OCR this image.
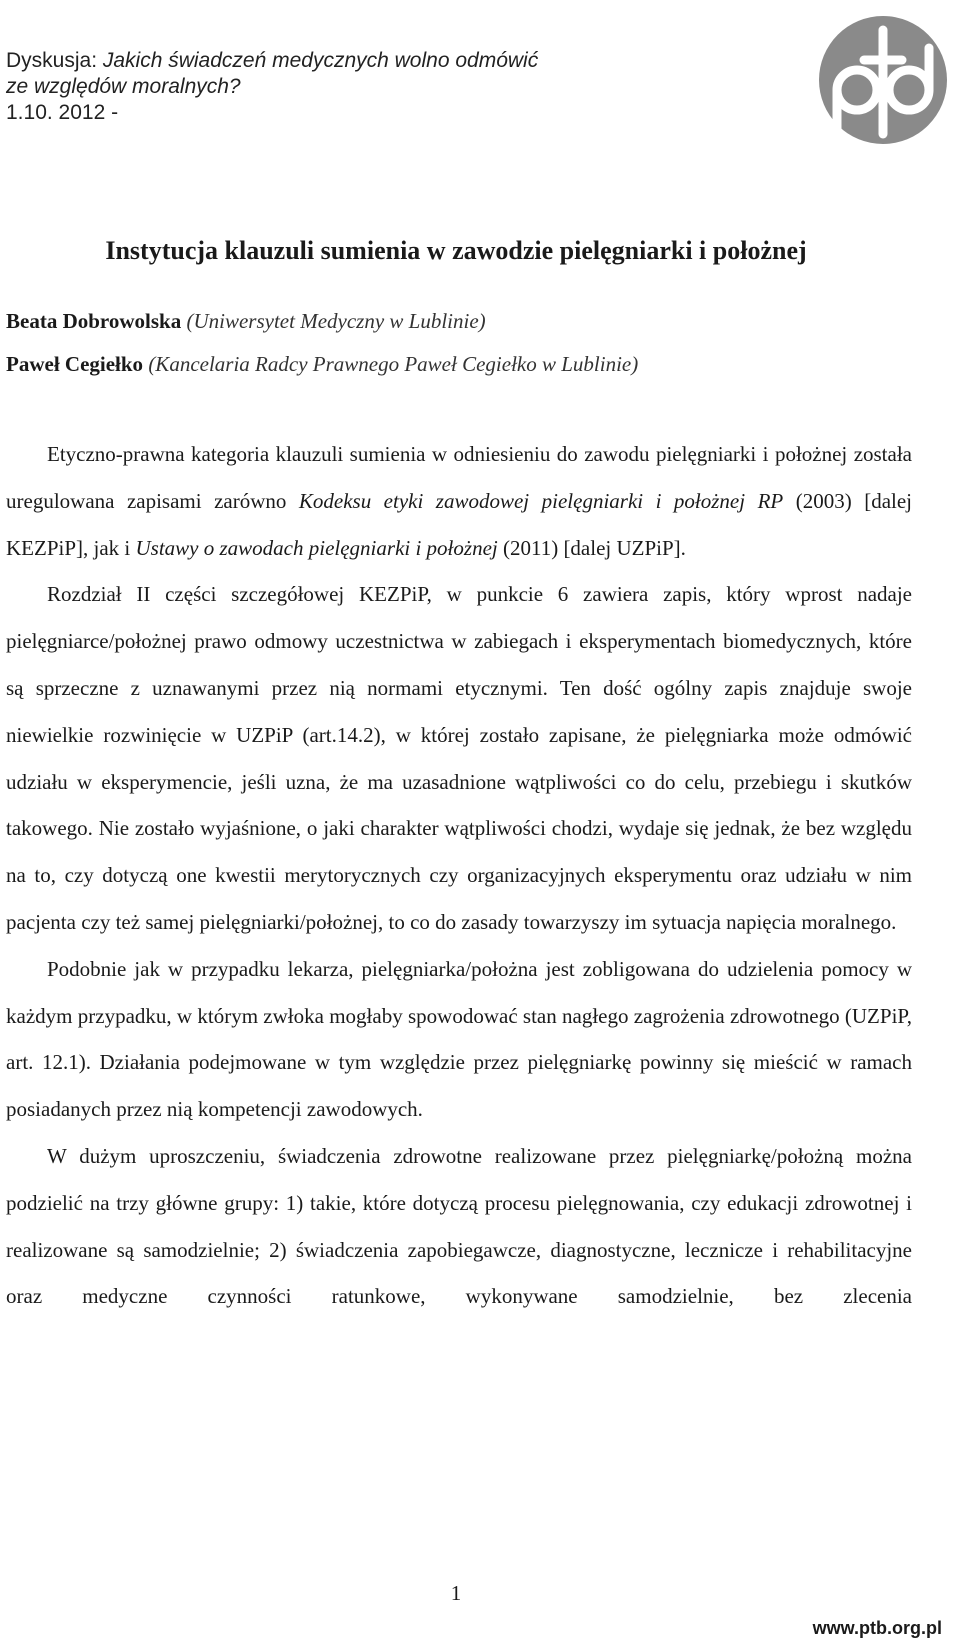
Dyskusja: Jakich świadczeń medycznych wolno odmówić
ze względów moralnych?
1.10. 2012 -
Instytucja klauzuli sumienia w zawodzie pielęgniarki i położnej
Beata Dobrowolska (Uniwersytet Medyczny w Lublinie)
Paweł Cegiełko (Kancelaria Radcy Prawnego Paweł Cegiełko w Lublinie)

Etyczno-prawna kategoria klauzuli sumienia w odniesieniu do zawodu pielęgniarki i położnej została uregulowana zapisami zarówno Kodeksu etyki zawodowej pielęgniarki i położnej RP (2003) [dalej KEZPiP], jak i Ustawy o zawodach pielęgniarki i położnej (2011) [dalej UZPiP].

Rozdział II części szczegółowej KEZPiP, w punkcie 6 zawiera zapis, który wprost nadaje pielęgniarce/położnej prawo odmowy uczestnictwa w zabiegach i eksperymentach biomedycznych, które są sprzeczne z uznawanymi przez nią normami etycznymi. Ten dość ogólny zapis znajduje swoje niewielkie rozwinięcie w UZPiP (art.14.2), w której zostało zapisane, że pielęgniarka może odmówić udziału w eksperymencie, jeśli uzna, że ma uzasadnione wątpliwości co do celu, przebiegu i skutków takowego. Nie zostało wyjaśnione, o jaki charakter wątpliwości chodzi, wydaje się jednak, że bez względu na to, czy dotyczą one kwestii merytorycznych czy organizacyjnych eksperymentu oraz udziału w nim pacjenta czy też samej pielęgniarki/położnej, to co do zasady towarzyszy im sytuacja napięcia moralnego.

Podobnie jak w przypadku lekarza, pielęgniarka/położna jest zobligowana do udzielenia pomocy w każdym przypadku, w którym zwłoka mogłaby spowodować stan nagłego zagrożenia zdrowotnego (UZPiP, art. 12.1). Działania podejmowane w tym względzie przez pielęgniarkę powinny się mieścić w ramach posiadanych przez nią kompetencji zawodowych.

W dużym uproszczeniu, świadczenia zdrowotne realizowane przez pielęgniarkę/położną można podzielić na trzy główne grupy: 1) takie, które dotyczą procesu pielęgnowania, czy edukacji zdrowotnej i realizowane są samodzielnie; 2) świadczenia zapobiegawcze, diagnostyczne, lecznicze i rehabilitacyjne oraz medyczne czynności ratunkowe, wykonywane samodzielnie, bez zlecenia

1
www.ptb.org.pl
